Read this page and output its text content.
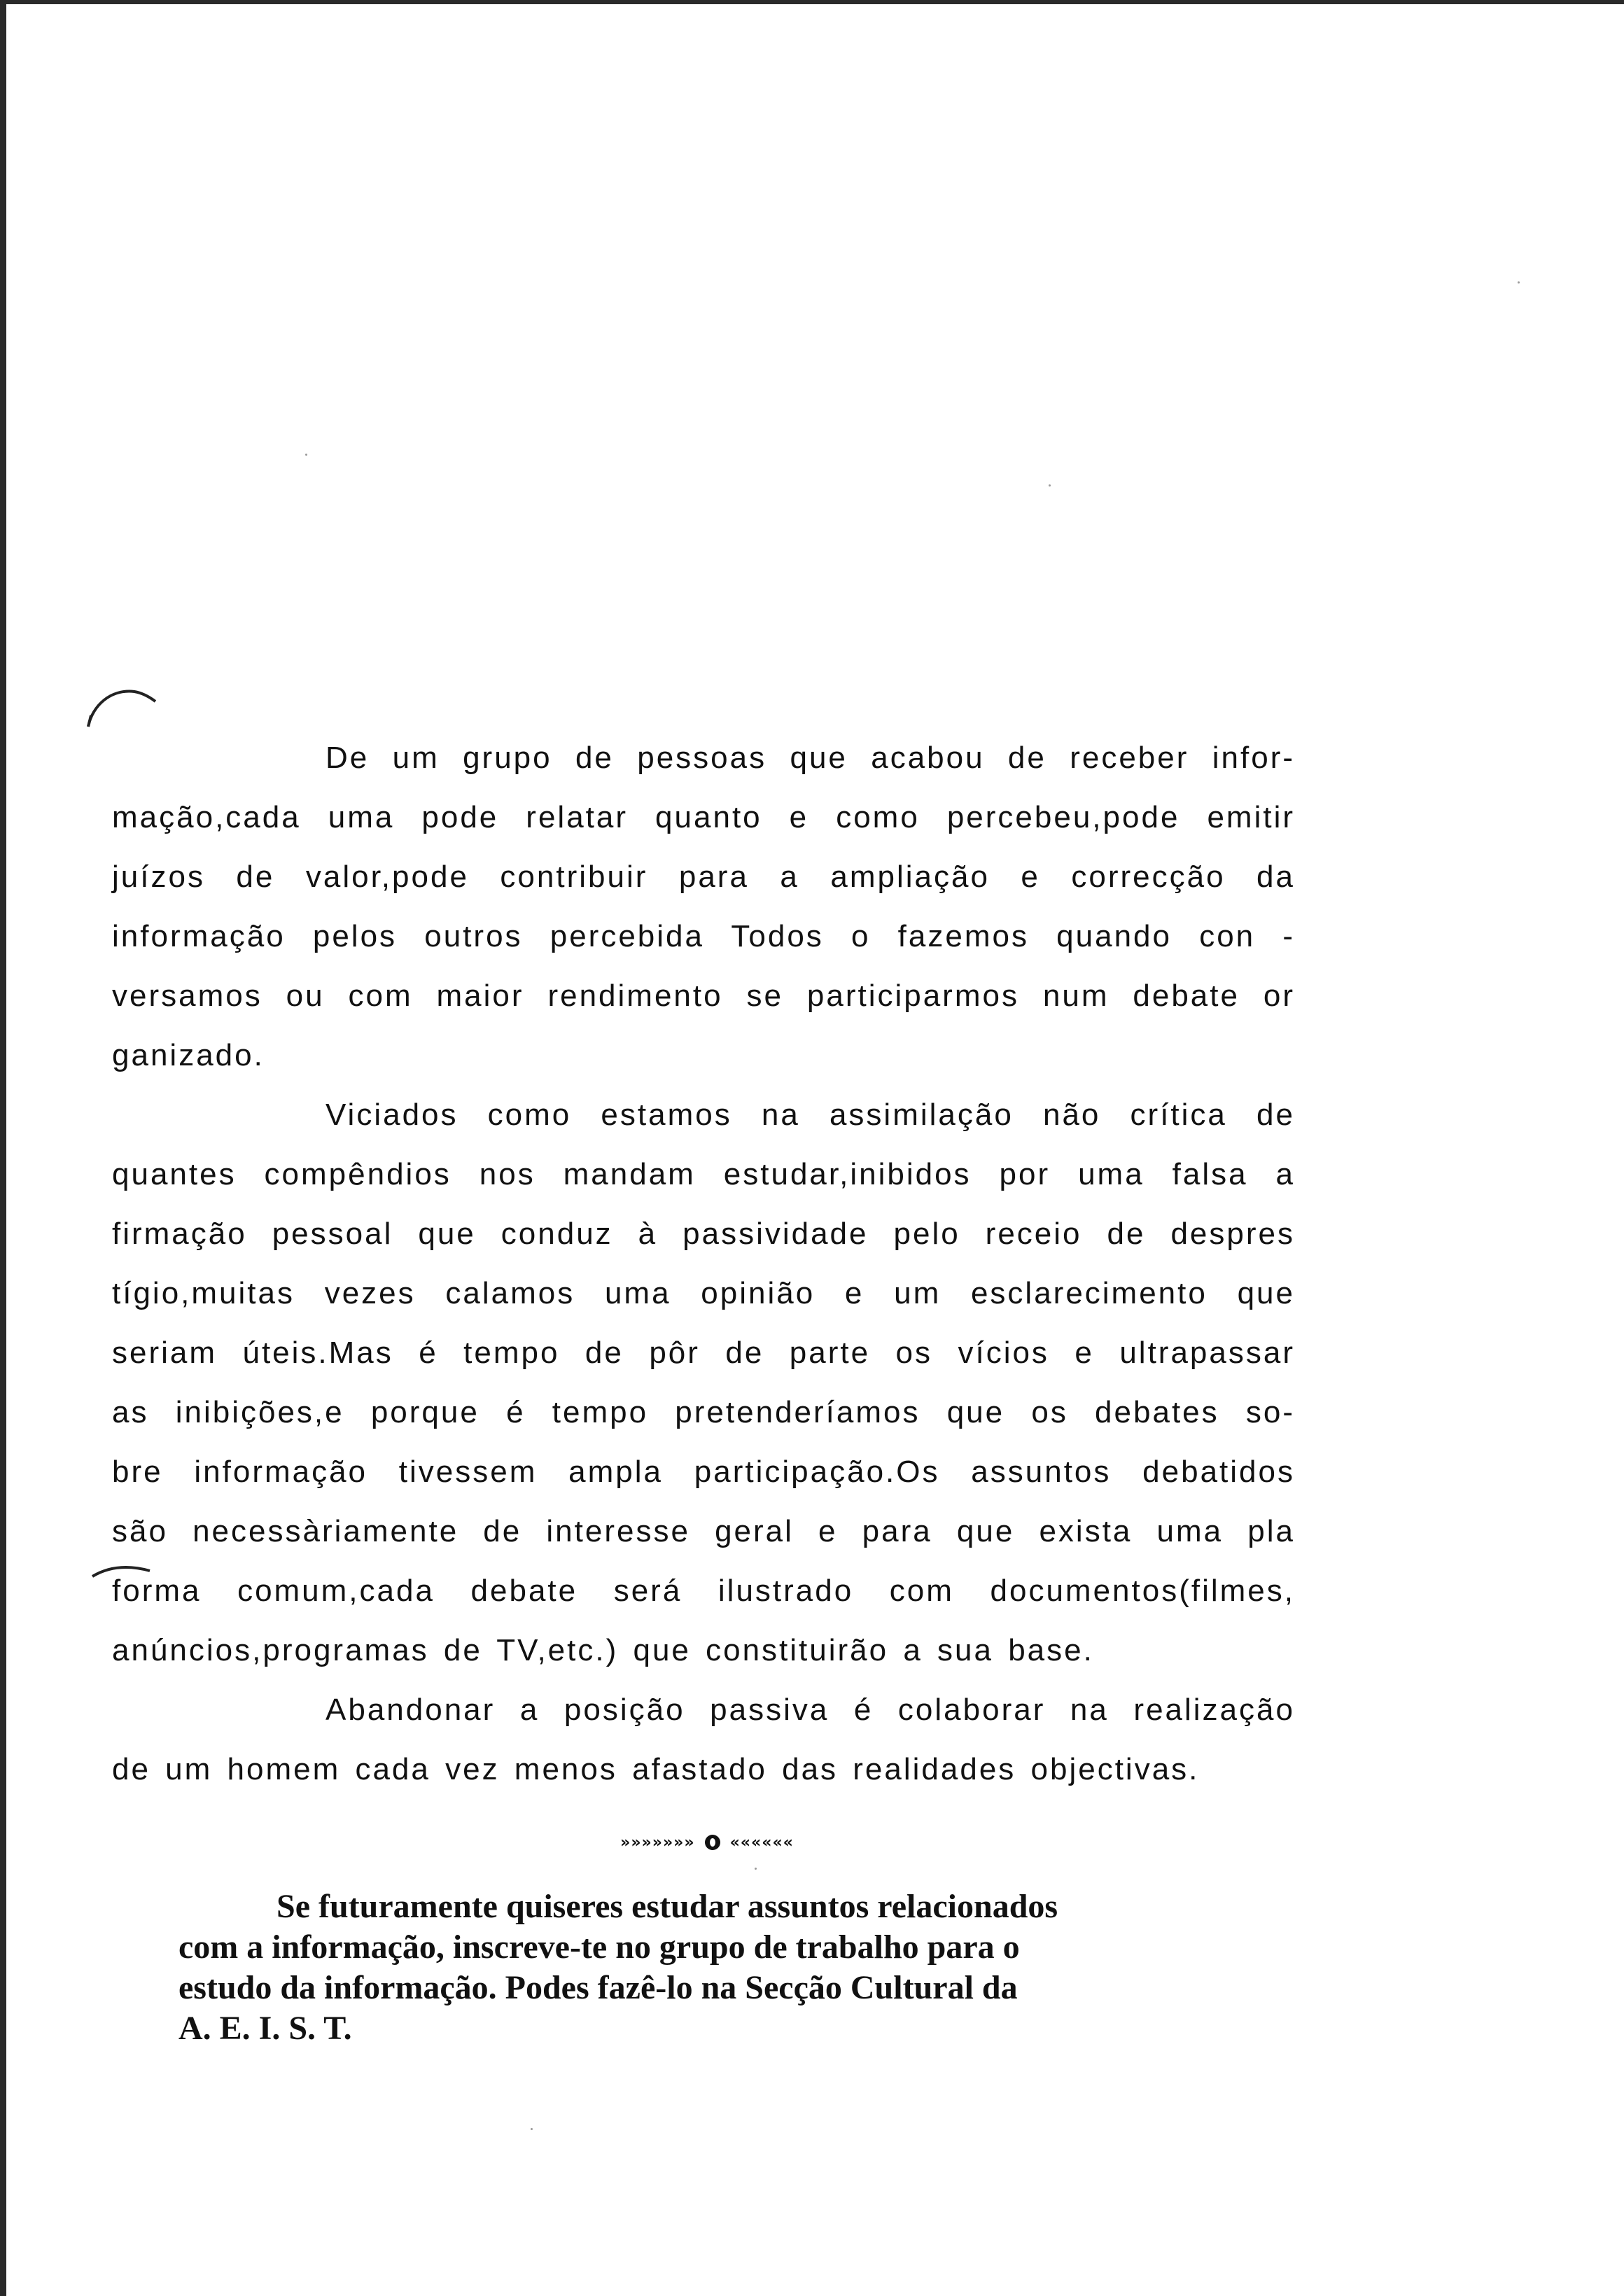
De um grupo de pessoas que acabou de receber infor-
mação,cada uma pode relatar quanto e como percebeu,pode emitir
juízos de valor,pode contribuir para a ampliação e correcção da
informação pelos outros percebida Todos o fazemos quando con -
versamos ou com maior rendimento se participarmos num debate or
ganizado.
Viciados como estamos na assimilação não crítica de
quantes compêndios nos mandam estudar,inibidos por uma falsa a
firmação pessoal que conduz à passividade pelo receio de despres
tígio,muitas vezes calamos uma opinião e um esclarecimento que
seriam úteis.Mas é tempo de pôr de parte os vícios e ultrapassar
as inibições,e porque é tempo pretenderíamos que os debates so-
bre informação tivessem ampla participação.Os assuntos debatidos
são necessàriamente de interesse geral e para que exista uma pla
forma comum,cada debate será ilustrado com documentos(filmes,
anúncios,programas de TV,etc.) que constituirão a sua base.
Abandonar a posição passiva é colaborar na realização
de um homem cada vez menos afastado das realidades objectivas.
»»»»»»» ««««««
Se futuramente quiseres estudar assuntos relacionados
com a informação, inscreve-te no grupo de trabalho para o
estudo da informação. Podes fazê-lo na Secção Cultural da
A. E. I. S. T.
